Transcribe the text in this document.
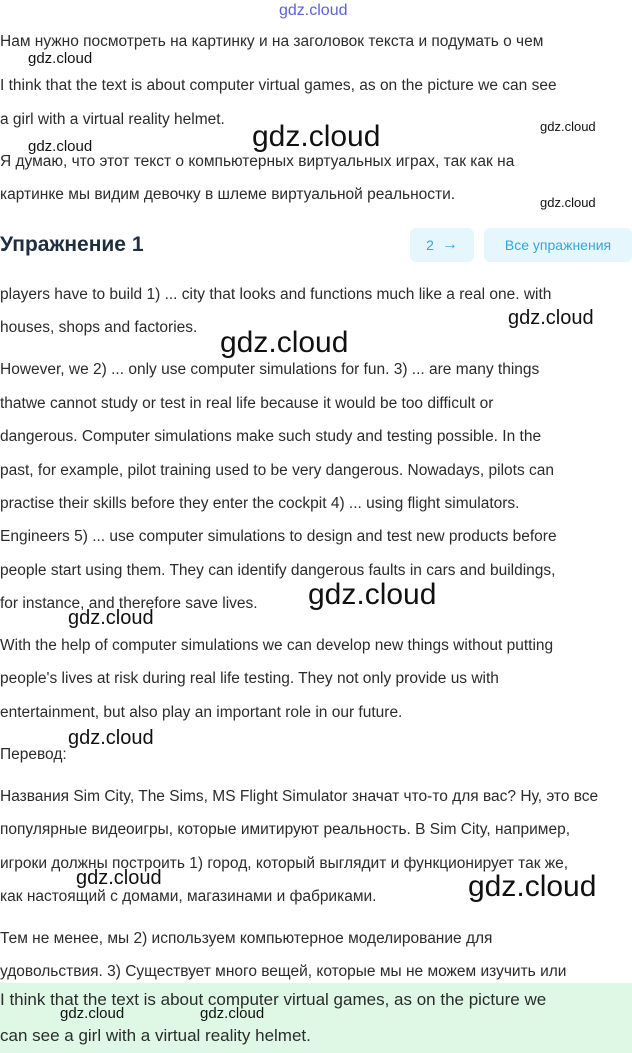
gdz.cloud

Нам нужно посмотреть на картинку и на заголовок текста и подумать о чем

I think that the text is about computer virtual games, as on the picture we can see

a girl with a virtual reality helmet.

Я думаю, что этот текст о компьютерных виртуальных играх, так как на

картинке мы видим девочку в шлеме виртуальной реальности.

Упражнение 1	2 →	Все упражнения

players have to build 1) ... city that looks and functions much like a real one. with

houses, shops and factories.

However, we 2) ... only use computer simulations for fun. 3) ... are many things

thatwe cannot study or test in real life because it would be too difficult or

dangerous. Computer simulations make such study and testing possible. In the

past, for example, pilot training used to be very dangerous. Nowadays, pilots can

practise their skills before they enter the cockpit 4) ... using flight simulators.

Engineers 5) ... use computer simulations to design and test new products before

people start using them. They can identify dangerous faults in cars and buildings,

for instance, and therefore save lives.

With the help of computer simulations we can develop new things without putting

people's lives at risk during real life testing. They not only provide us with

entertainment, but also play an important role in our future.

Перевод:

Названия Sim City, The Sims, MS Flight Simulator значат что-то для вас? Ну, это все

популярные видеоигры, которые имитируют реальность. В Sim City, например,

игроки должны построить 1) город, который выглядит и функционирует так же,

как настоящий с домами, магазинами и фабриками.

Тем не менее, мы 2) используем компьютерное моделирование для

удовольствия. 3) Существует много вещей, которые мы не можем изучить или

I think that the text is about computer virtual games, as on the picture we

can see a girl with a virtual reality helmet.

gdz.cloud
gdz.cloud	gdz.cloud
gdz.cloud
gdz.cloud
gdz.cloud
gdz.cloud
gdz.cloud
gdz.cloud
gdz.cloud
gdz.cloud	gdz.cloud
gdz.cloud	gdz.cloud
